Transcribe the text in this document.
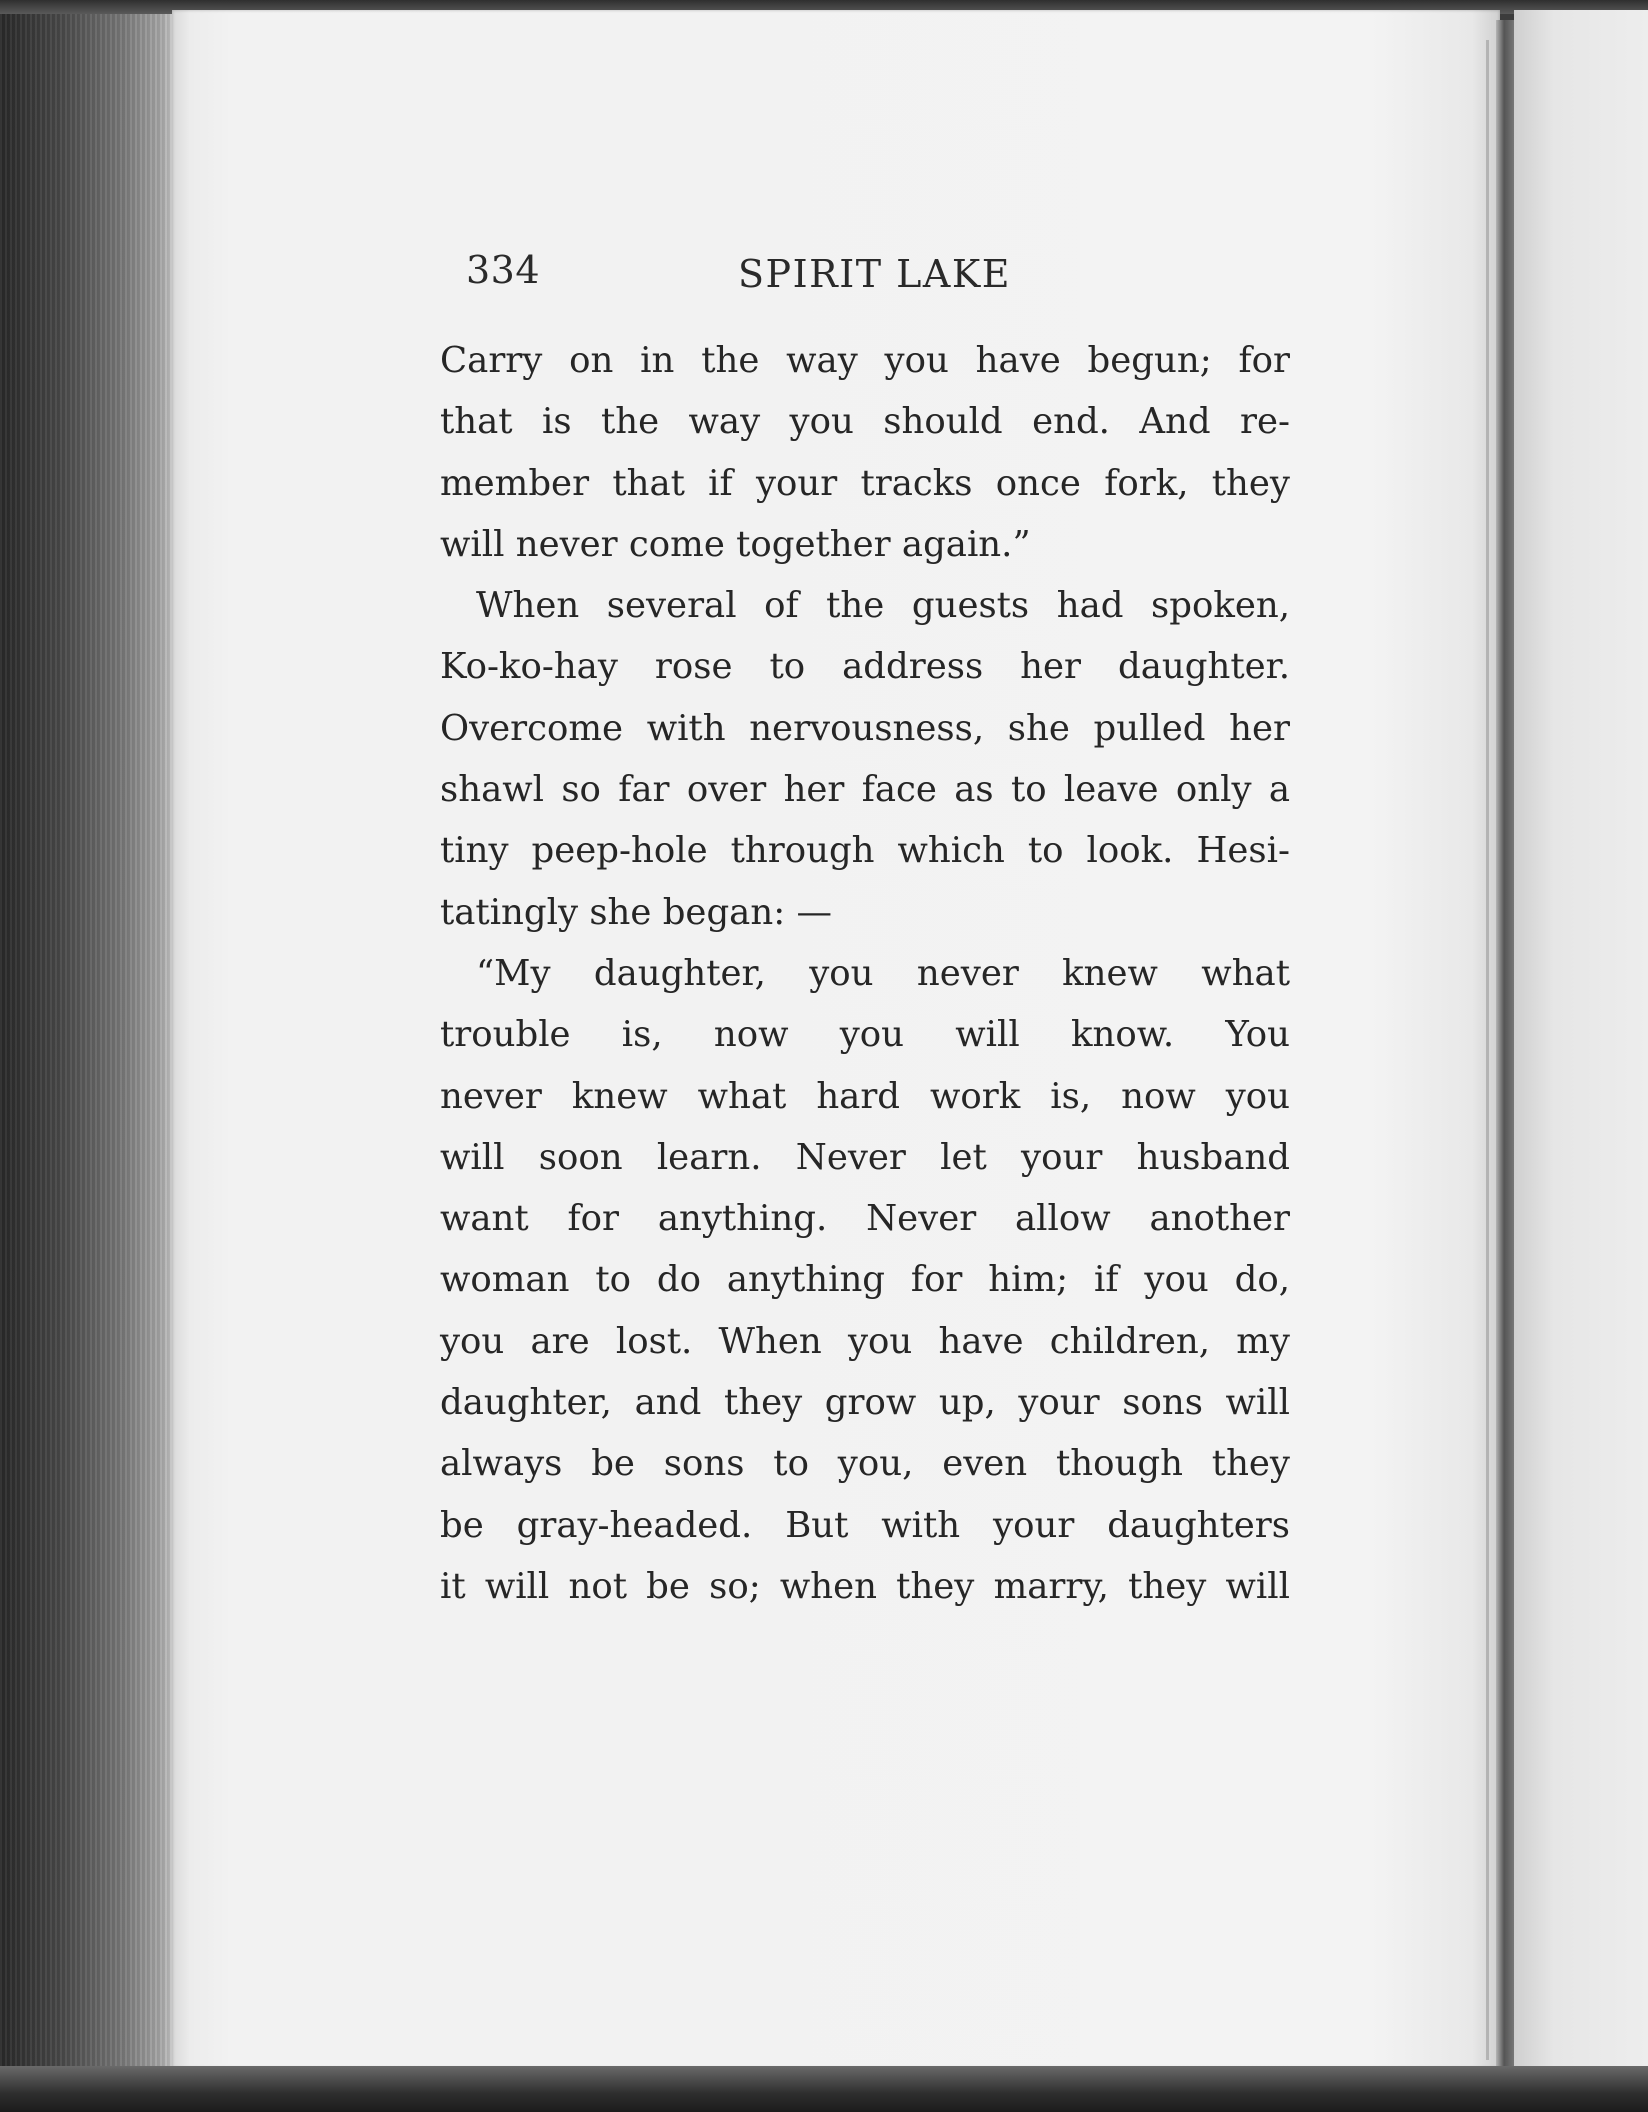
334	SPIRIT LAKE
Carry on in the way you have begun; for
that is the way you should end. And re-
member that if your tracks once fork, they
will never come together again.”
When several of the guests had spoken,
Ko-ko-hay rose to address her daughter.
Overcome with nervousness, she pulled her
shawl so far over her face as to leave only a
tiny peep-hole through which to look. Hesi-
tatingly she began: —
“My daughter, you never knew what
trouble is, now you will know. You
never knew what hard work is, now you
will soon learn. Never let your husband
want for anything. Never allow another
woman to do anything for him; if you do,
you are lost. When you have children, my
daughter, and they grow up, your sons will
always be sons to you, even though they
be gray-headed. But with your daughters
it will not be so; when they marry, they will
